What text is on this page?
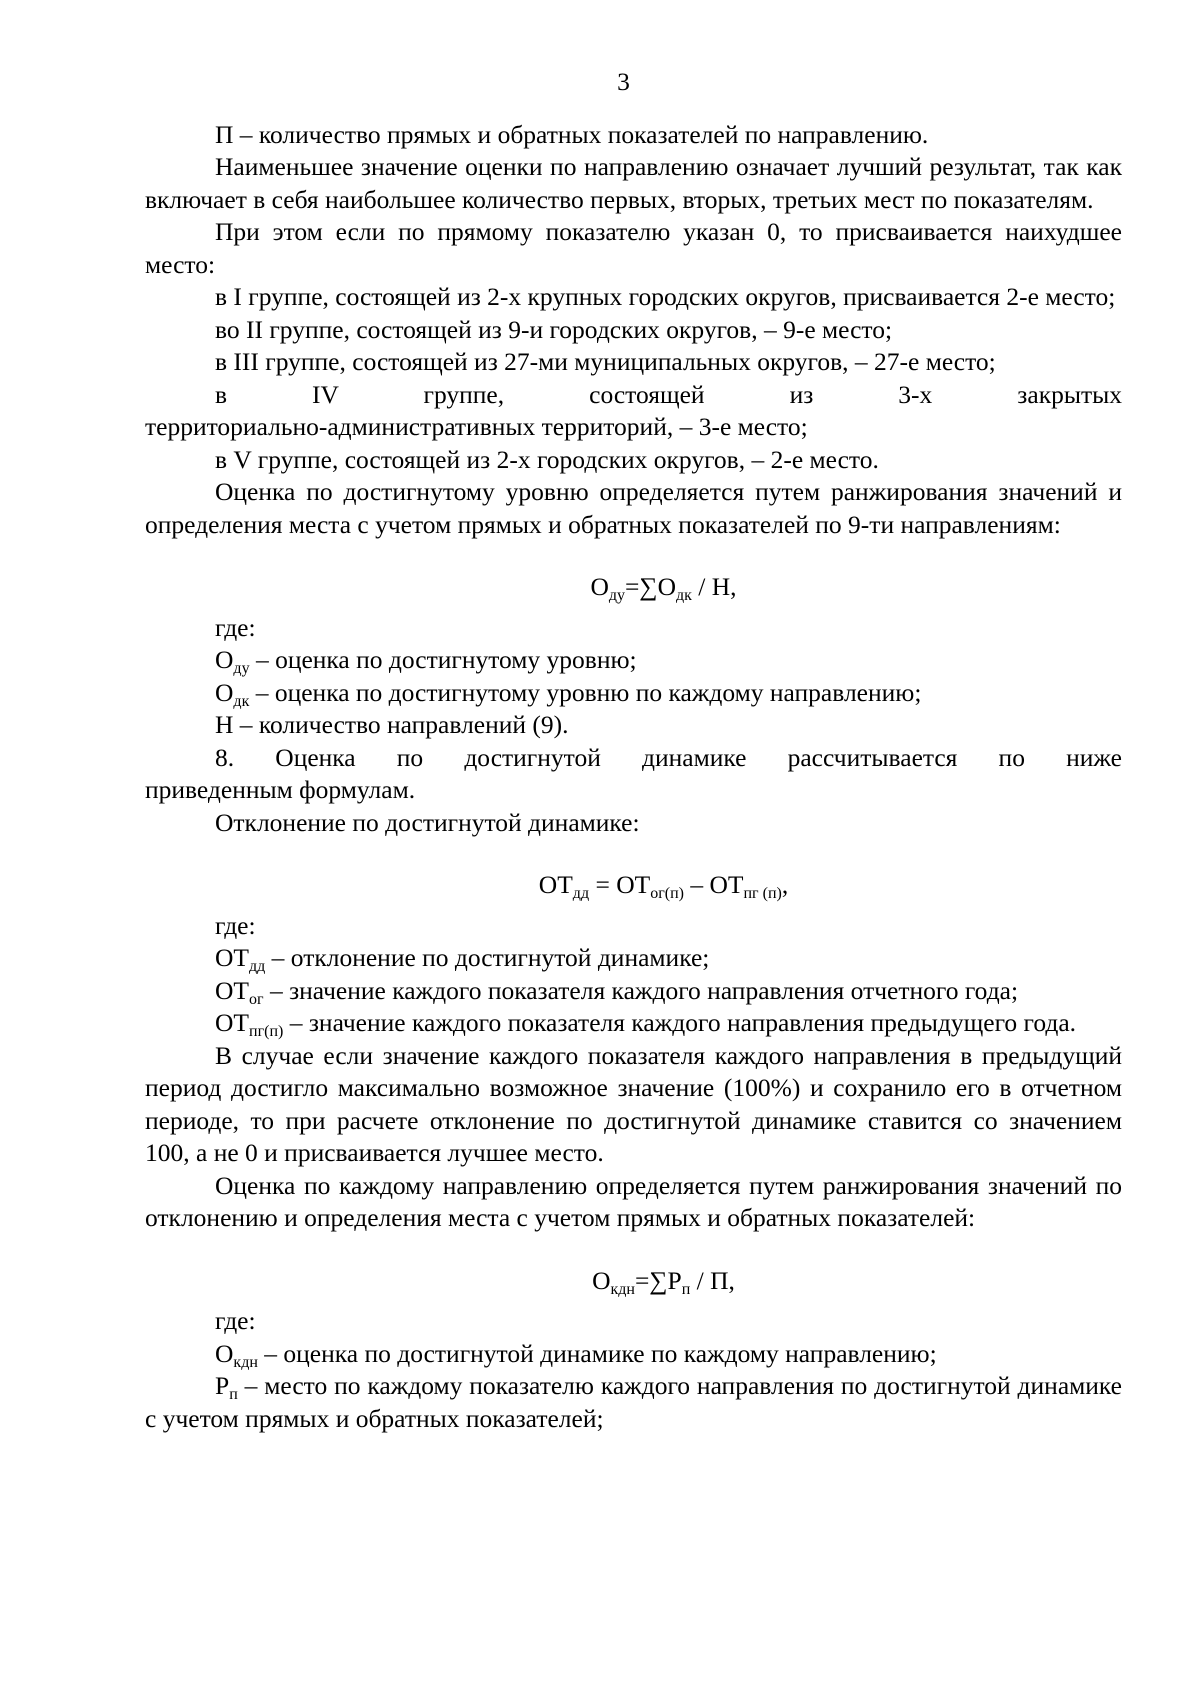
3

П – количество прямых и обратных показателей по направлению.

Наименьшее значение оценки по направлению означает лучший результат, так как включает в себя наибольшее количество первых, вторых, третьих мест по показателям.

При этом если по прямому показателю указан 0, то присваивается наихудшее место:

в I группе, состоящей из 2-х крупных городских округов, присваивается 2-е место;

во II группе, состоящей из 9-и городских округов, – 9-е место;

в III группе, состоящей из 27-ми муниципальных округов, – 27-е место;

в IV группе, состоящей из 3-х закрытых

территориально-административных территорий, – 3-е место;

в V группе, состоящей из 2-х городских округов, – 2-е место.

Оценка по достигнутому уровню определяется путем ранжирования значений и определения места с учетом прямых и обратных показателей по 9-ти направлениям:

$О_{ду}=\sum О_{дк} / Н$,

где:

$О_{ду}$ – оценка по достигнутому уровню;

$О_{дк}$ – оценка по достигнутому уровню по каждому направлению;

Н – количество направлений (9).

8. Оценка по достигнутой динамике рассчитывается по ниже

приведенным формулам.

Отклонение по достигнутой динамике:

$ОТ_{дд} = ОТ_{ог(п)} - ОТ_{пг (п)}$,

где:

$ОТ_{дд}$ – отклонение по достигнутой динамике;

$ОТ_{ог}$ – значение каждого показателя каждого направления отчетного года;

$ОТ_{пг(п)}$ – значение каждого показателя каждого направления предыдущего года.

В случае если значение каждого показателя каждого направления в предыдущий период достигло максимально возможное значение (100%) и сохранило его в отчетном периоде, то при расчете отклонение по достигнутой динамике ставится со значением 100, а не 0 и присваивается лучшее место.

Оценка по каждому направлению определяется путем ранжирования значений по отклонению и определения места с учетом прямых и обратных показателей:

$О_{кдн}=\sum Р_п / П$,

где:

$О_{кдн}$ – оценка по достигнутой динамике по каждому направлению;

$Р_п$ – место по каждому показателю каждого направления по достигнутой динамике с учетом прямых и обратных показателей;
